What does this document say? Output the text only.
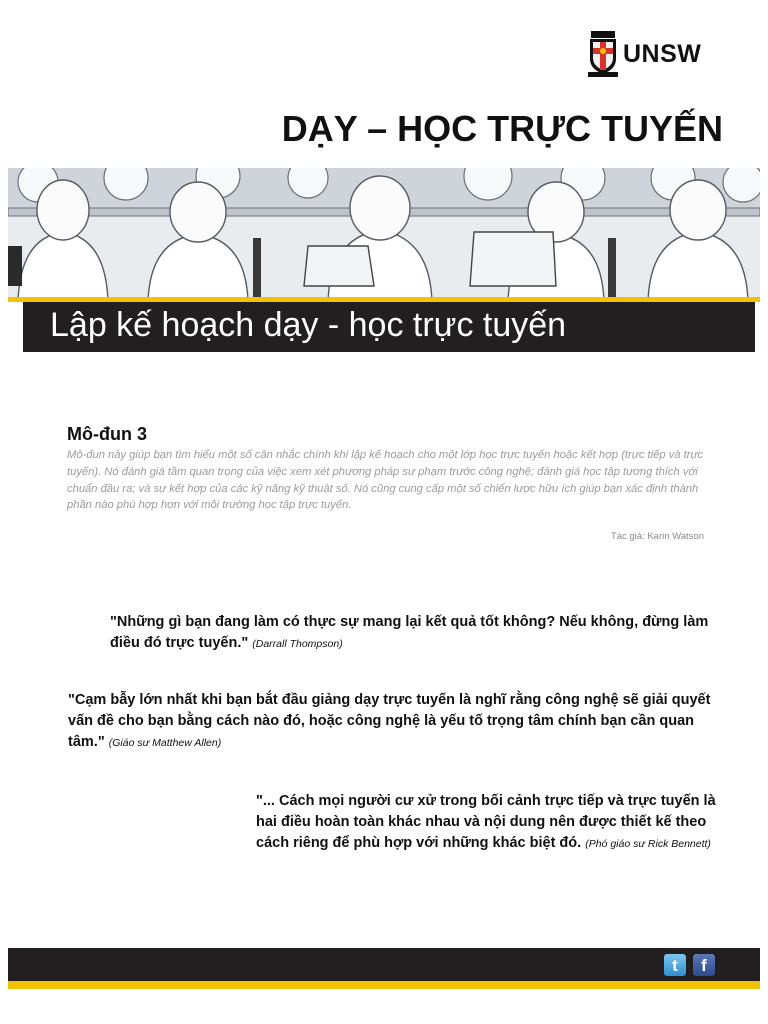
UNSW
DẠY – HỌC TRỰC TUYẾN
Lập kế hoạch dạy - học trực tuyến
Mô-đun 3

Mô-đun này giúp bạn tìm hiểu một số cân nhắc chính khi lập kế hoạch cho một lớp học trực tuyến hoặc kết hợp (trực tiếp và trực tuyến). Nó đánh giá tầm quan trọng của việc xem xét phương pháp sư phạm trước công nghệ; đánh giá học tập tương thích với chuẩn đầu ra; và sự kết hợp của các kỹ năng kỹ thuật số. Nó cũng cung cấp một số chiến lược hữu ích giúp bạn xác định thành phần nào phù hợp hơn với môi trường học tập trực tuyến.

Tác giả: Karin Watson

"Những gì bạn đang làm có thực sự mang lại kết quả tốt không? Nếu không, đừng làm điều đó trực tuyến." (Darrall Thompson)

"Cạm bẫy lớn nhất khi bạn bắt đầu giảng dạy trực tuyến là nghĩ rằng công nghệ sẽ giải quyết vấn đề cho bạn bằng cách nào đó, hoặc công nghệ là yếu tố trọng tâm chính bạn cần quan tâm." (Giáo sư Matthew Allen)

"... Cách mọi người cư xử trong bối cảnh trực tiếp và trực tuyến là hai điều hoàn toàn khác nhau và nội dung nên được thiết kế theo cách riêng để phù hợp với những khác biệt đó. (Phó giáo sư Rick Bennett)

t	f
